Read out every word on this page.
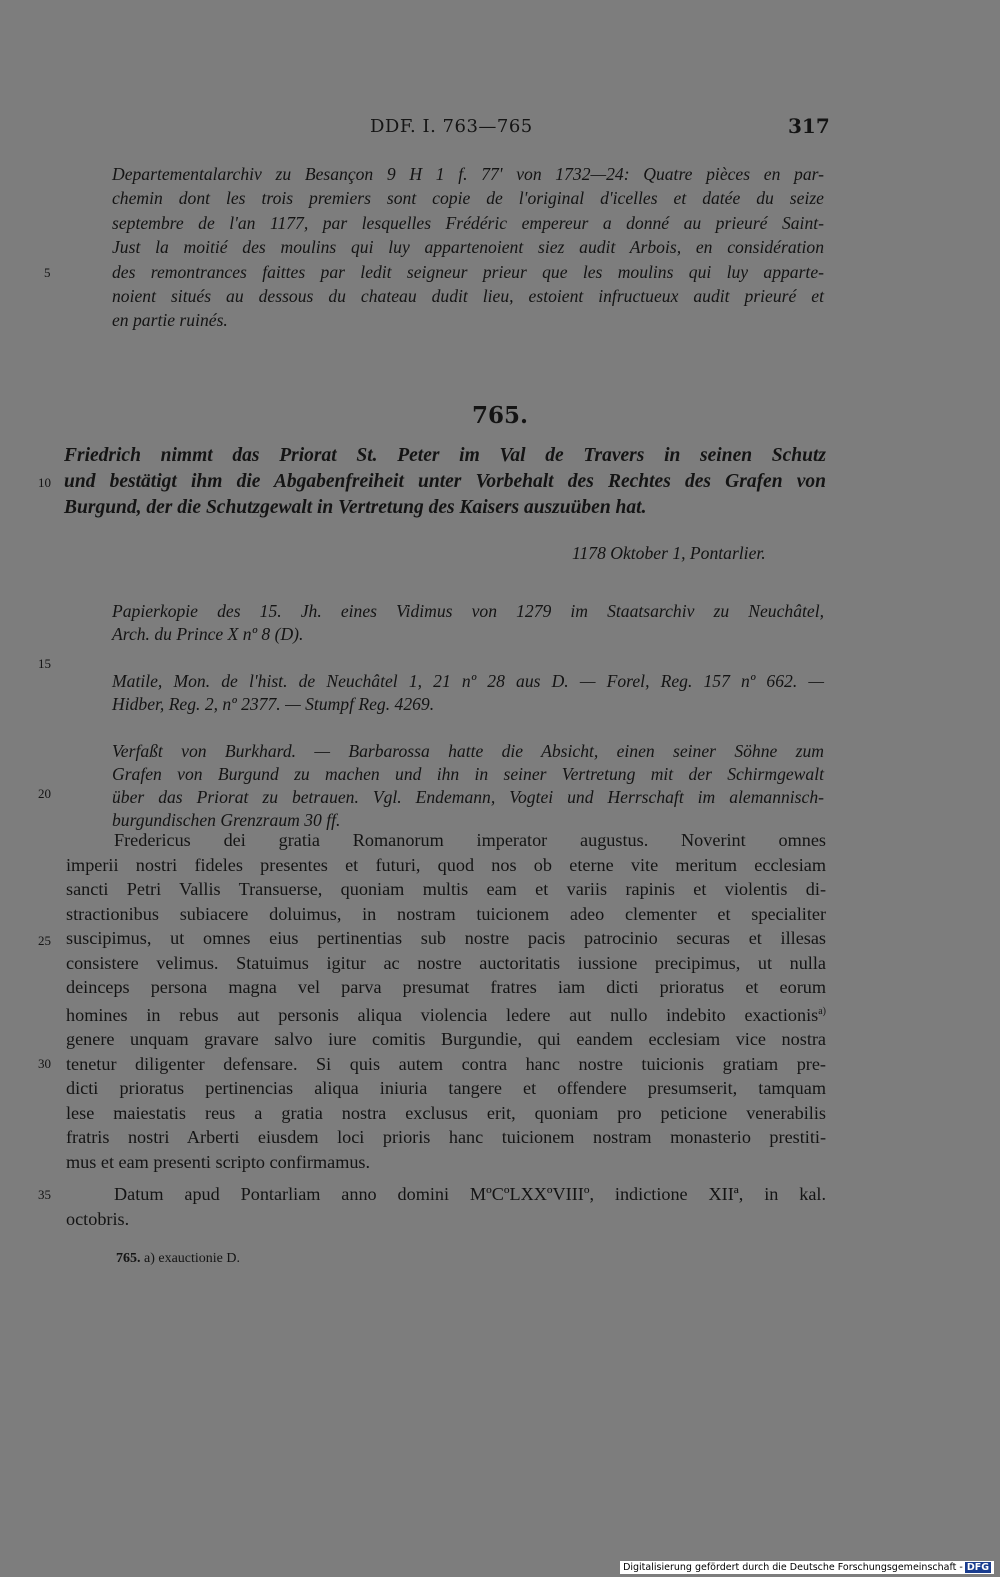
DDF. I. 763—765	317
Departementalarchiv zu Besançon 9 H 1 f. 77' von 1732—24: Quatre pièces en par-
chemin dont les trois premiers sont copie de l'original d'icelles et datée du seize
septembre de l'an 1177, par lesquelles Frédéric empereur a donné au prieuré Saint-
Just la moitié des moulins qui luy appartenoient siez audit Arbois, en considération
des remontrances faittes par ledit seigneur prieur que les moulins qui luy apparte-
noient situés au dessous du chateau dudit lieu, estoient infructueux audit prieuré et
en partie ruinés.
5
765.
Friedrich nimmt das Priorat St. Peter im Val de Travers in seinen Schutz
und bestätigt ihm die Abgabenfreiheit unter Vorbehalt des Rechtes des Grafen von
Burgund, der die Schutzgewalt in Vertretung des Kaisers auszuüben hat.
10
1178 Oktober 1, Pontarlier.

Papierkopie des 15. Jh. eines Vidimus von 1279 im Staatsarchiv zu Neuchâtel,
Arch. du Prince X nº 8 (D).

Matile, Mon. de l'hist. de Neuchâtel 1, 21 nº 28 aus D. — Forel, Reg. 157 nº 662. —
Hidber, Reg. 2, nº 2377. — Stumpf Reg. 4269.

Verfaßt von Burkhard. — Barbarossa hatte die Absicht, einen seiner Söhne zum
Grafen von Burgund zu machen und ihn in seiner Vertretung mit der Schirmgewalt
über das Priorat zu betrauen. Vgl. Endemann, Vogtei und Herrschaft im alemannisch-
burgundischen Grenzraum 30 ff.

15
20
Fredericus dei gratia Romanorum imperator augustus. Noverint omnes
imperii nostri fideles presentes et futuri, quod nos ob eterne vite meritum ecclesiam
sancti Petri Vallis Transuerse, quoniam multis eam et variis rapinis et violentis di-
stractionibus subiacere doluimus, in nostram tuicionem adeo clementer et specialiter
suscipimus, ut omnes eius pertinentias sub nostre pacis patrocinio securas et illesas
consistere velimus. Statuimus igitur ac nostre auctoritatis iussione precipimus, ut nulla
deinceps persona magna vel parva presumat fratres iam dicti prioratus et eorum
homines in rebus aut personis aliqua violencia ledere aut nullo indebito exactionis$^{a)}$
genere unquam gravare salvo iure comitis Burgundie, qui eandem ecclesiam vice nostra
tenetur diligenter defensare. Si quis autem contra hanc nostre tuicionis gratiam pre-
dicti prioratus pertinencias aliqua iniuria tangere et offendere presumserit, tamquam
lese maiestatis reus a gratia nostra exclusus erit, quoniam pro peticione venerabilis
fratris nostri Arberti eiusdem loci prioris hanc tuicionem nostram monasterio prestiti-
mus et eam presenti scripto confirmamus.
Datum apud Pontarliam anno domini MºCºLXXºVIIIº, indictione XIIª, in kal.
octobris.
25
30
35
765. a) exauctionie D.
Digitalisierung gefördert durch die Deutsche Forschungsgemeinschaft - DFG
